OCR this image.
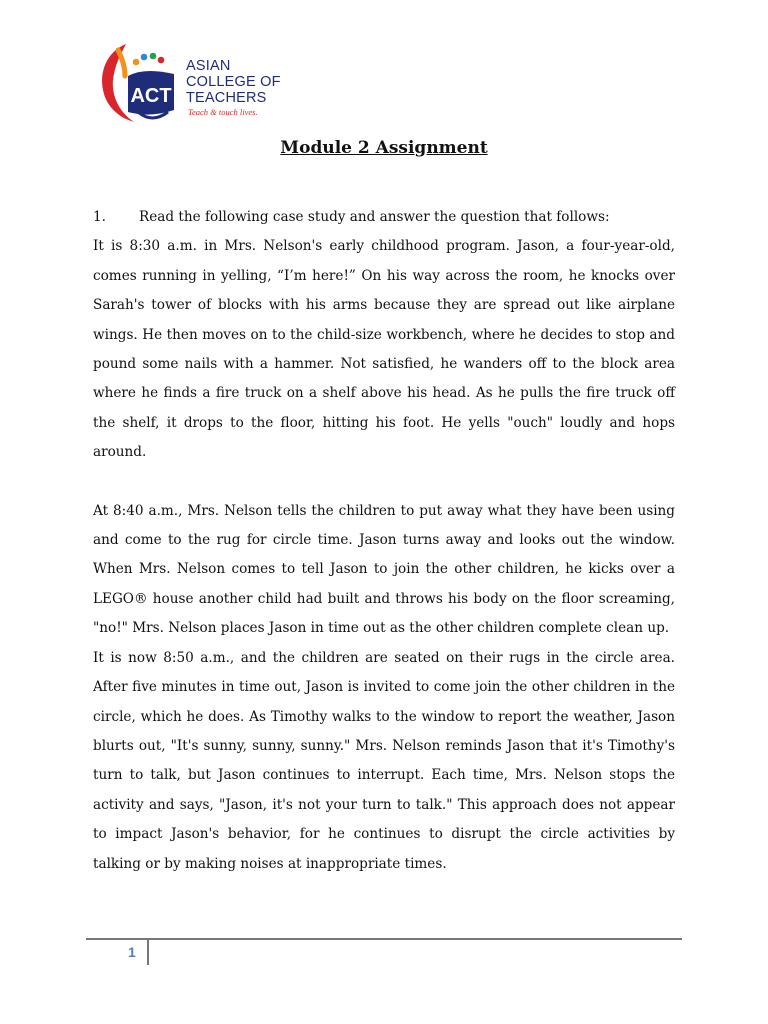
ACT
ASIAN
COLLEGE OF
TEACHERS
Teach & touch lives.
Module 2 Assignment
1.	Read the following case study and answer the question that follows:

It is 8:30 a.m. in Mrs. Nelson's early childhood program. Jason, a four-year-old, comes running in yelling, “I’m here!” On his way across the room, he knocks over Sarah's tower of blocks with his arms because they are spread out like airplane wings. He then moves on to the child-size workbench, where he decides to stop and pound some nails with a hammer. Not satisfied, he wanders off to the block area where he finds a fire truck on a shelf above his head. As he pulls the fire truck off the shelf, it drops to the floor, hitting his foot. He yells "ouch" loudly and hops around.

At 8:40 a.m., Mrs. Nelson tells the children to put away what they have been using and come to the rug for circle time. Jason turns away and looks out the window. When Mrs. Nelson comes to tell Jason to join the other children, he kicks over a LEGO® house another child had built and throws his body on the floor screaming, "no!" Mrs. Nelson places Jason in time out as the other children complete clean up.

It is now 8:50 a.m., and the children are seated on their rugs in the circle area. After five minutes in time out, Jason is invited to come join the other children in the circle, which he does. As Timothy walks to the window to report the weather, Jason blurts out, "It's sunny, sunny, sunny." Mrs. Nelson reminds Jason that it's Timothy's turn to talk, but Jason continues to interrupt. Each time, Mrs. Nelson stops the activity and says, "Jason, it's not your turn to talk." This approach does not appear to impact Jason's behavior, for he continues to disrupt the circle activities by talking or by making noises at inappropriate times.

1
